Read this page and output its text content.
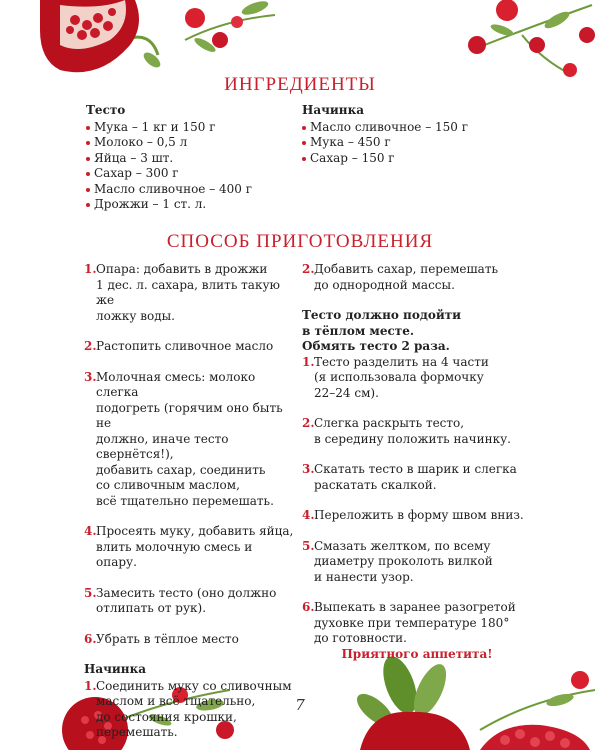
ИНГРЕДИЕНТЫ
СПОСОБ ПРИГОТОВЛЕНИЯ
Тесто
Мука – 1 кг и 150 г
Молоко – 0,5 л
Яйца – 3 шт.
Сахар – 300 г
Масло сливочное – 400 г
Дрожжи – 1 ст. л.
Начинка
Масло сливочное – 150 г
Мука – 450 г
Сахар – 150 г
1. Опара: добавить в дрожжи
1 дес. л. сахара, влить такую же
ложку воды.
2. Растопить сливочное масло
3. Молочная смесь: молоко слегка
подогреть (горячим оно быть не
должно, иначе тесто свернётся!),
добавить сахар, соединить
со сливочным маслом,
всё тщательно перемешать.
4. Просеять муку, добавить яйца,
влить молочную смесь и опару.
5. Замесить тесто (оно должно
отлипать от рук).
6. Убрать в тёплое место
Начинка
1. Соединить муку со сливочным
маслом и всё тщательно,
до состояния крошки,
перемешать.
2. Добавить сахар, перемешать
до однородной массы.
Тесто должно подойти
в тёплом месте.
Обмять тесто 2 раза.
1. Тесто разделить на 4 части
(я использовала формочку
22–24 см).
2. Слегка раскрыть тесто,
в середину положить начинку.
3. Скатать тесто в шарик и слегка
раскатать скалкой.
4. Переложить в форму швом вниз.
5. Смазать желтком, по всему
диаметру проколоть вилкой
и нанести узор.
6. Выпекать в заранее разогретой
духовке при температуре 180°
до готовности.
Приятного аппетита!
7
